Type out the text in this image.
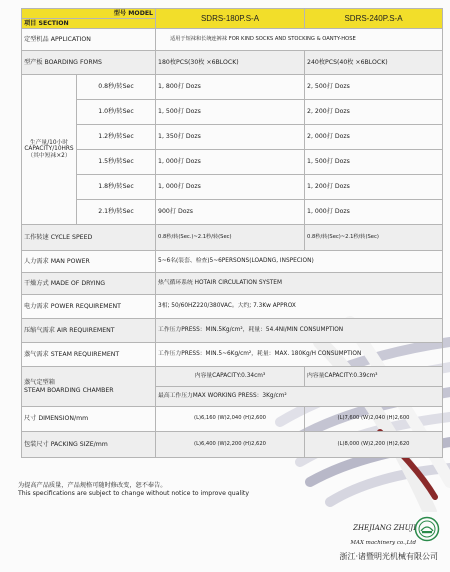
型号 MODEL		SDRS-180P.S-A	SDRS-240P.S-A
项目 SECTION			
定型机品 APPLICATION		适用于短袜和长统连裤袜 FOR KIND SOCKS AND STOCKING & OANTY-HOSE	
型产板 BOARDING FORMS		180枚PCS(30枚 ×6BLOCK)	240枚PCS(40枚 ×6BLOCK)

生产量/10小时
CAPACITY/10HRS
（其中短袜×2）	0.8秒/转Sec	1, 800打 Dozs	2, 500打 Dozs
	1.0秒/转Sec	1, 500打 Dozs	2, 200打 Dozs
	1.2秒/转Sec	1, 350打 Dozs	2, 000打 Dozs
	1.5秒/转Sec	1, 000打 Dozs	1, 500打 Dozs
	1.8秒/转Sec	1, 000打 Dozs	1, 200打 Dozs
	2.1秒/转Sec	900打 Dozs	1, 000打 Dozs
工作转速 CYCLE SPEED		0.8秒/转(Sec.)~2.1秒/转(Sec)	0.8秒/转(Sec)~2.1秒/转(Sec)
人力需求 MAN POWER		5~6名(装套、检查)5~6PERSONS(LOADNG, INSPECION)	
干燥方式 MADE OF DRYING		热气循环系统 HOTAIR CIRCULATION SYSTEM	
电力需求 POWER REQUIREMENT		3相; 50/60HZ220/380VAC。大约; 7.3Kw APPROX	
压缩气需求 AIR REQUIREMENT		工作压力PRESS：MIN.5Kg/cm²，耗量：54.4Nl/MIN CONSUMPTION	
蒸气需求 STEAM REQUIREMENT		工作压力PRESS：MIN.5~6Kg/cm²，耗量：MAX. 180Kg/H CONSUMPTION	

蒸气定型箱
STEAM BOARDING CHAMBER		内容量CAPACITY:0.34cm³	内容量CAPACITY:0.39cm³
		最高工作压力MAX WORKING PRESS：3Kg/cm²	
尺寸 DIMENSION/mm		(L)6,160 (W)2,040 (H)2,600	(L)7,600 (W)2,040 (H)2,600
包装尺寸 PACKING SIZE/mm		(L)6,400 (W)2,200 (H)2,620	(L)8,000 (W)2,200 (H)2,620
为提高产品质量，产品规格可随时修改变，恕不奉告。
This specifications are subject to change without notice to improve quality
ZHEJIANG ZHUJI
MAX machinery co.,Ltd
浙江·诸暨明光机械有限公司
